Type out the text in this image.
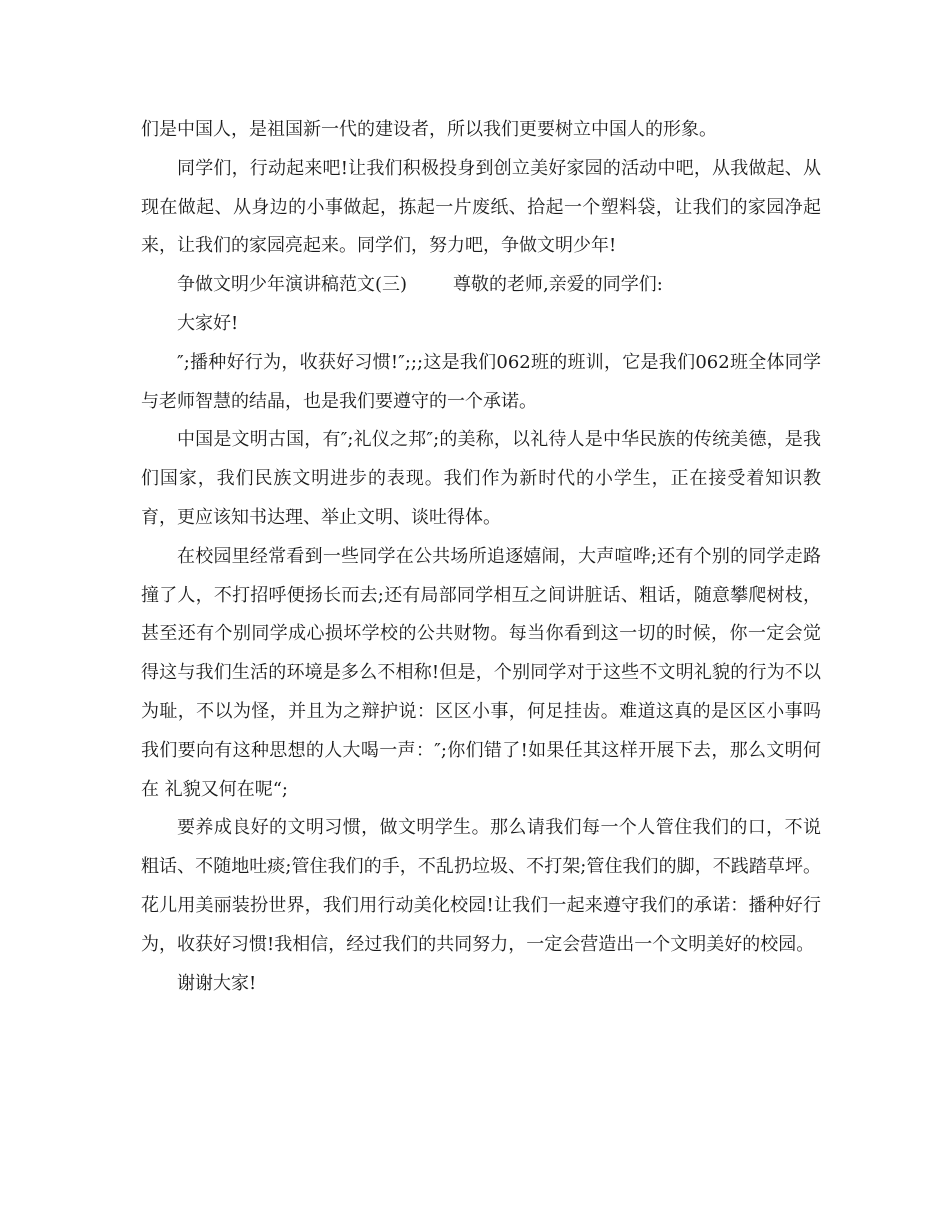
们是中国人，是祖国新一代的建设者，所以我们更要树立中国人的形象。

同学们，行动起来吧!让我们积极投身到创立美好家园的活动中吧，从我做起、从现在做起、从身边的小事做起，拣起一片废纸、拾起一个塑料袋，让我们的家园净起来，让我们的家园亮起来。同学们，努力吧，争做文明少年!

争做文明少年演讲稿范文(三)	尊敬的老师,亲爱的同学们:

大家好!

″;播种好行为，收获好习惯!″;;;这是我们062班的班训，它是我们062班全体同学与老师智慧的结晶，也是我们要遵守的一个承诺。

中国是文明古国，有″;礼仪之邦″;的美称，以礼待人是中华民族的传统美德，是我们国家，我们民族文明进步的表现。我们作为新时代的小学生，正在接受着知识教育，更应该知书达理、举止文明、谈吐得体。

在校园里经常看到一些同学在公共场所追逐嬉闹，大声喧哗;还有个别的同学走路撞了人，不打招呼便扬长而去;还有局部同学相互之间讲脏话、粗话，随意攀爬树枝，甚至还有个别同学成心损坏学校的公共财物。每当你看到这一切的时候，你一定会觉得这与我们生活的环境是多么不相称!但是，个别同学对于这些不文明礼貌的行为不以为耻，不以为怪，并且为之辩护说：区区小事，何足挂齿。难道这真的是区区小事吗 我们要向有这种思想的人大喝一声：″;你们错了!如果任其这样开展下去，那么文明何在 礼貌又何在呢“;

要养成良好的文明习惯，做文明学生。那么请我们每一个人管住我们的口，不说粗话、不随地吐痰;管住我们的手，不乱扔垃圾、不打架;管住我们的脚，不践踏草坪。花儿用美丽装扮世界，我们用行动美化校园!让我们一起来遵守我们的承诺：播种好行为，收获好习惯!我相信，经过我们的共同努力，一定会营造出一个文明美好的校园。

谢谢大家!
